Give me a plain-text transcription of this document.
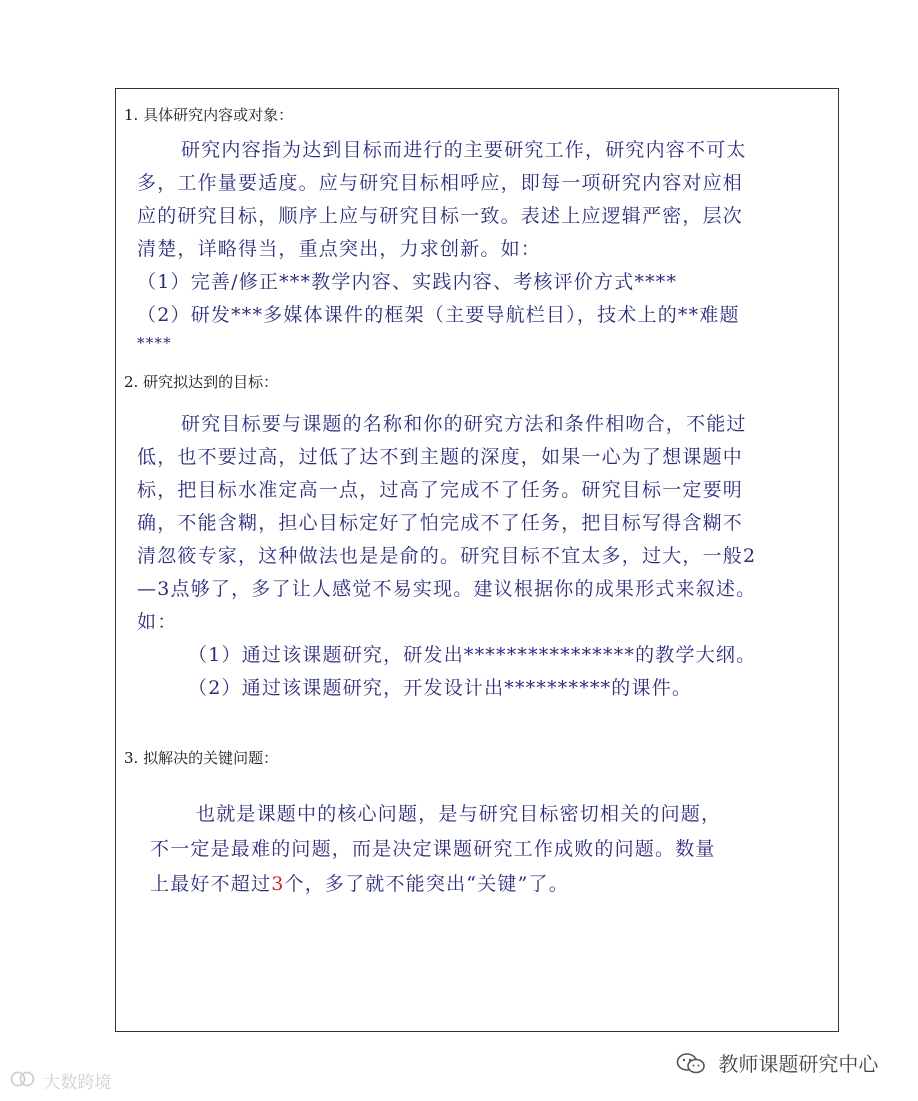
1. 具体研究内容或对象：
研究内容指为达到目标而进行的主要研究工作，研究内容不可太
多，工作量要适度。应与研究目标相呼应，即每一项研究内容对应相
应的研究目标，顺序上应与研究目标一致。表述上应逻辑严密，层次
清楚，详略得当，重点突出，力求创新。如：
（1）完善/修正***教学内容、实践内容、考核评价方式****
（2）研发***多媒体课件的框架（主要导航栏目），技术上的**难题
****
2. 研究拟达到的目标：
研究目标要与课题的名称和你的研究方法和条件相吻合，不能过
低，也不要过高，过低了达不到主题的深度，如果一心为了想课题中
标，把目标水准定高一点，过高了完成不了任务。研究目标一定要明
确，不能含糊，担心目标定好了怕完成不了任务，把目标写得含糊不
清忽筱专家，这种做法也是是俞的。研究目标不宜太多，过大，一般2
—3点够了，多了让人感觉不易实现。建议根据你的成果形式来叙述。
如：
（1）通过该课题研究，研发出****************的教学大纲。
（2）通过该课题研究，开发设计出**********的课件。
3. 拟解决的关键问题：
也就是课题中的核心问题，是与研究目标密切相关的问题，
不一定是最难的问题，而是决定课题研究工作成败的问题。数量
上最好不超过3个，多了就不能突出“关键”了。
大数跨境
教师课题研究中心
